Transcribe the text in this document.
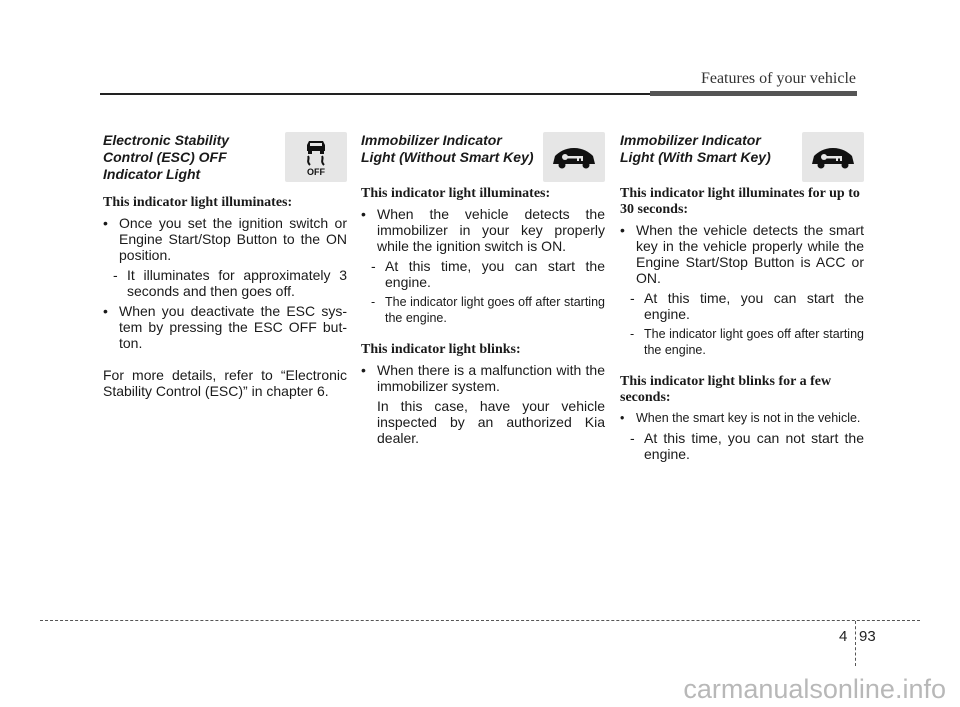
Features of your vehicle
OFF

Electronic Stability Control (ESC) OFF Indicator Light

This indicator light illuminates:

• Once you set the ignition switch or Engine Start/Stop Button to the ON position.
- It illuminates for approximately 3 seconds and then goes off.
• When you deactivate the ESC sys-tem by pressing the ESC OFF but-ton.

For more details, refer to “Electronic Stability Control (ESC)” in chapter 6.

Immobilizer Indicator Light (Without Smart Key)

This indicator light illuminates:

• When the vehicle detects the immobilizer in your key properly while the ignition switch is ON.
- At this time, you can start the engine.
- The indicator light goes off after starting the engine.

This indicator light blinks:

• When there is a malfunction with the immobilizer system.
In this case, have your vehicle inspected by an authorized Kia dealer.

Immobilizer Indicator Light (With Smart Key)

This indicator light illuminates for up to 30 seconds:

• When the vehicle detects the smart key in the vehicle properly while the Engine Start/Stop Button is ACC or ON.
- At this time, you can start the engine.
- The indicator light goes off after starting the engine.

This indicator light blinks for a few seconds:

• When the smart key is not in the vehicle.
- At this time, you can not start the engine.
4 93
carmanualsonline.info
